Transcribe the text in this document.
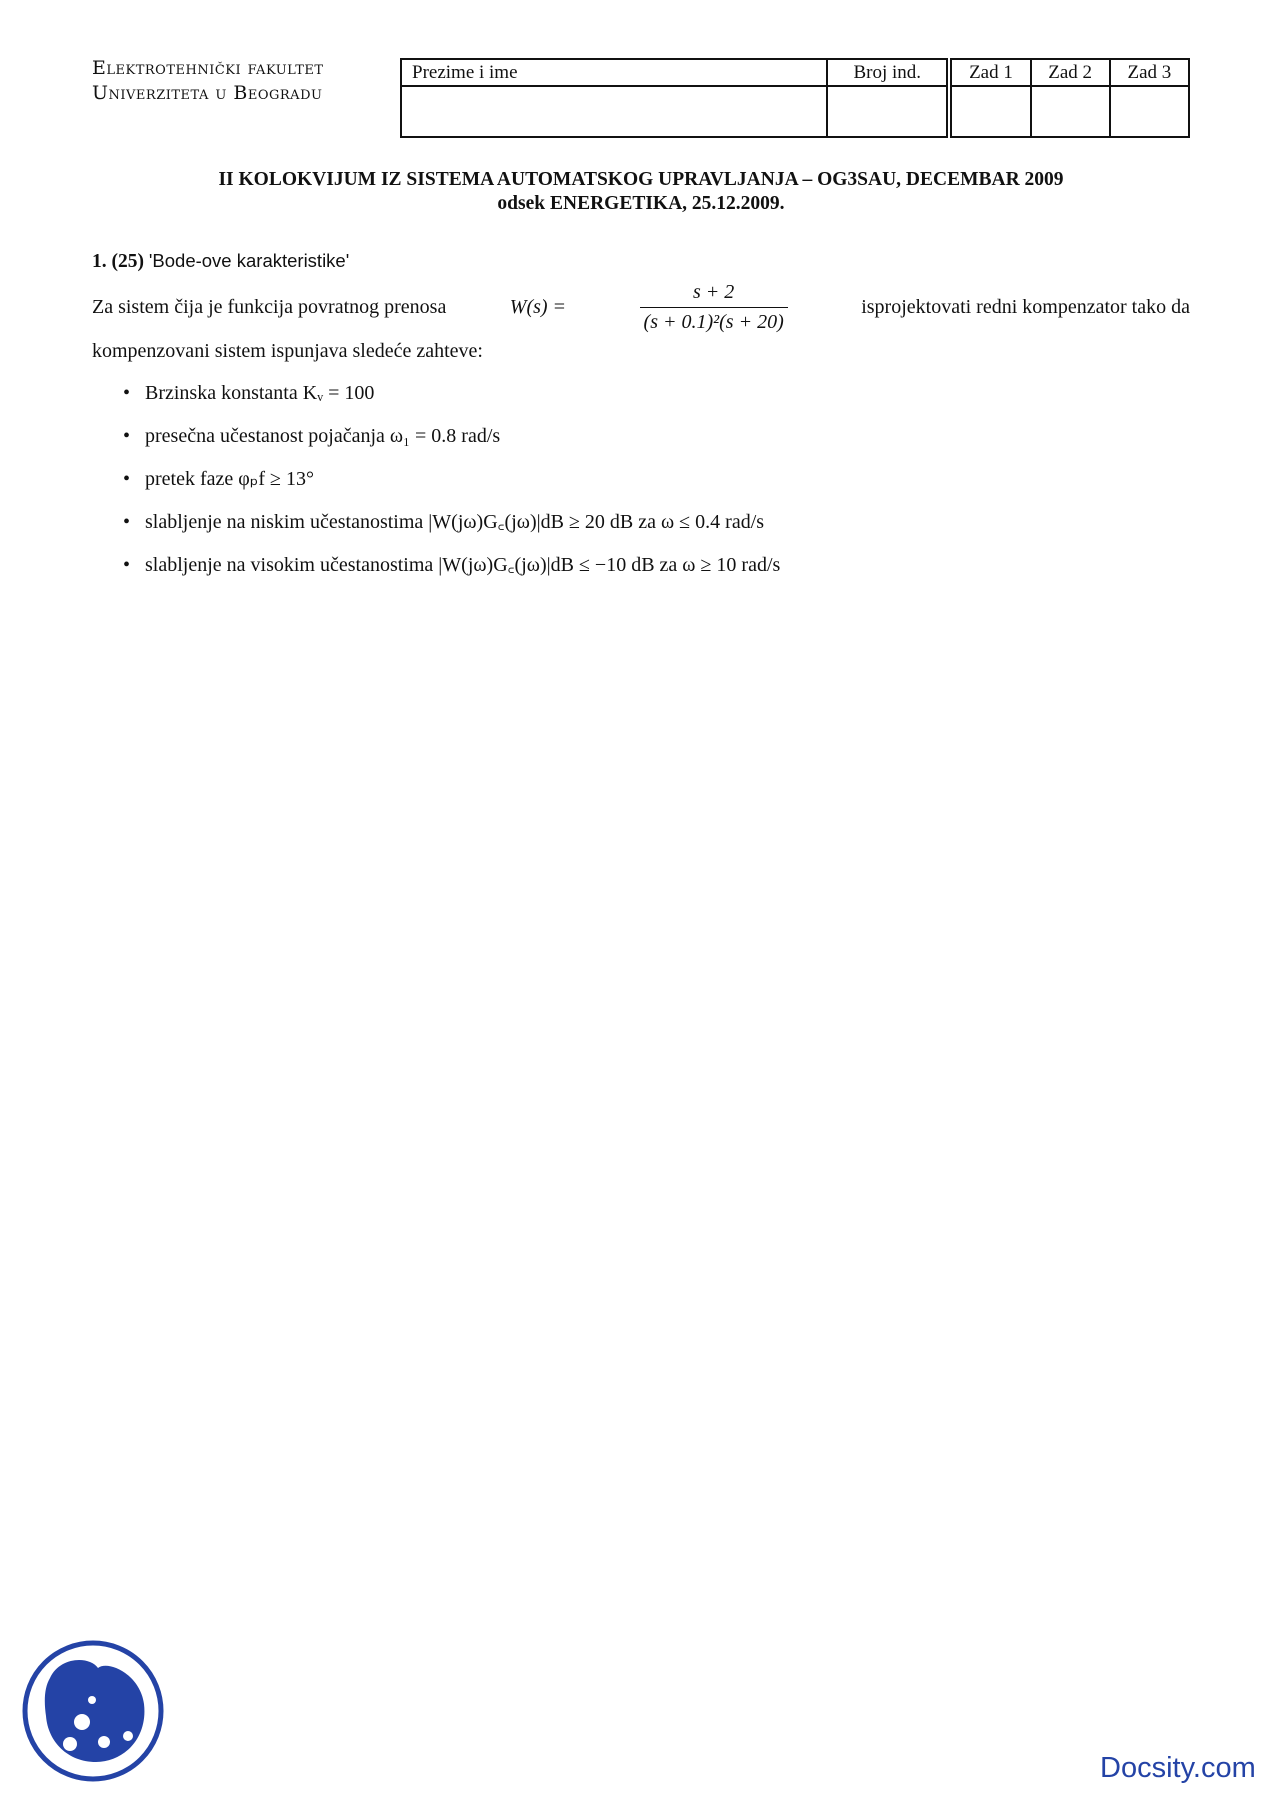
Elektrotehnički fakultet
Univerziteta u Beogradu
Prezime i ime	Broj ind.	Zad 1	Zad 2	Zad 3

II KOLOKVIJUM IZ SISTEMA AUTOMATSKOG UPRAVLJANJA – OG3SAU, DECEMBAR 2009
odsek ENERGETIKA, 25.12.2009.
1. (25) 'Bode-ove karakteristike'
Za sistem čija je funkcija povratnog prenosa	W(s) =	$\frac{s + 2}{\text{(s + 0.1)²(s + 20)}}$	isprojektovati redni kompenzator tako da
kompenzovani sistem ispunjava sledeće zahteve:
• Brzinska konstanta Kᵥ = 100
• presečna učestanost pojačanja ω₁ = 0.8 rad/s
• pretek faze φₚf ≥ 13°
• slabljenje na niskim učestanostima |W(jω)G꜀(jω)|dB ≥ 20 dB za ω ≤ 0.4 rad/s
• slabljenje na visokim učestanostima |W(jω)G꜀(jω)|dB ≤ −10 dB za ω ≥ 10 rad/s
Docsity.com
